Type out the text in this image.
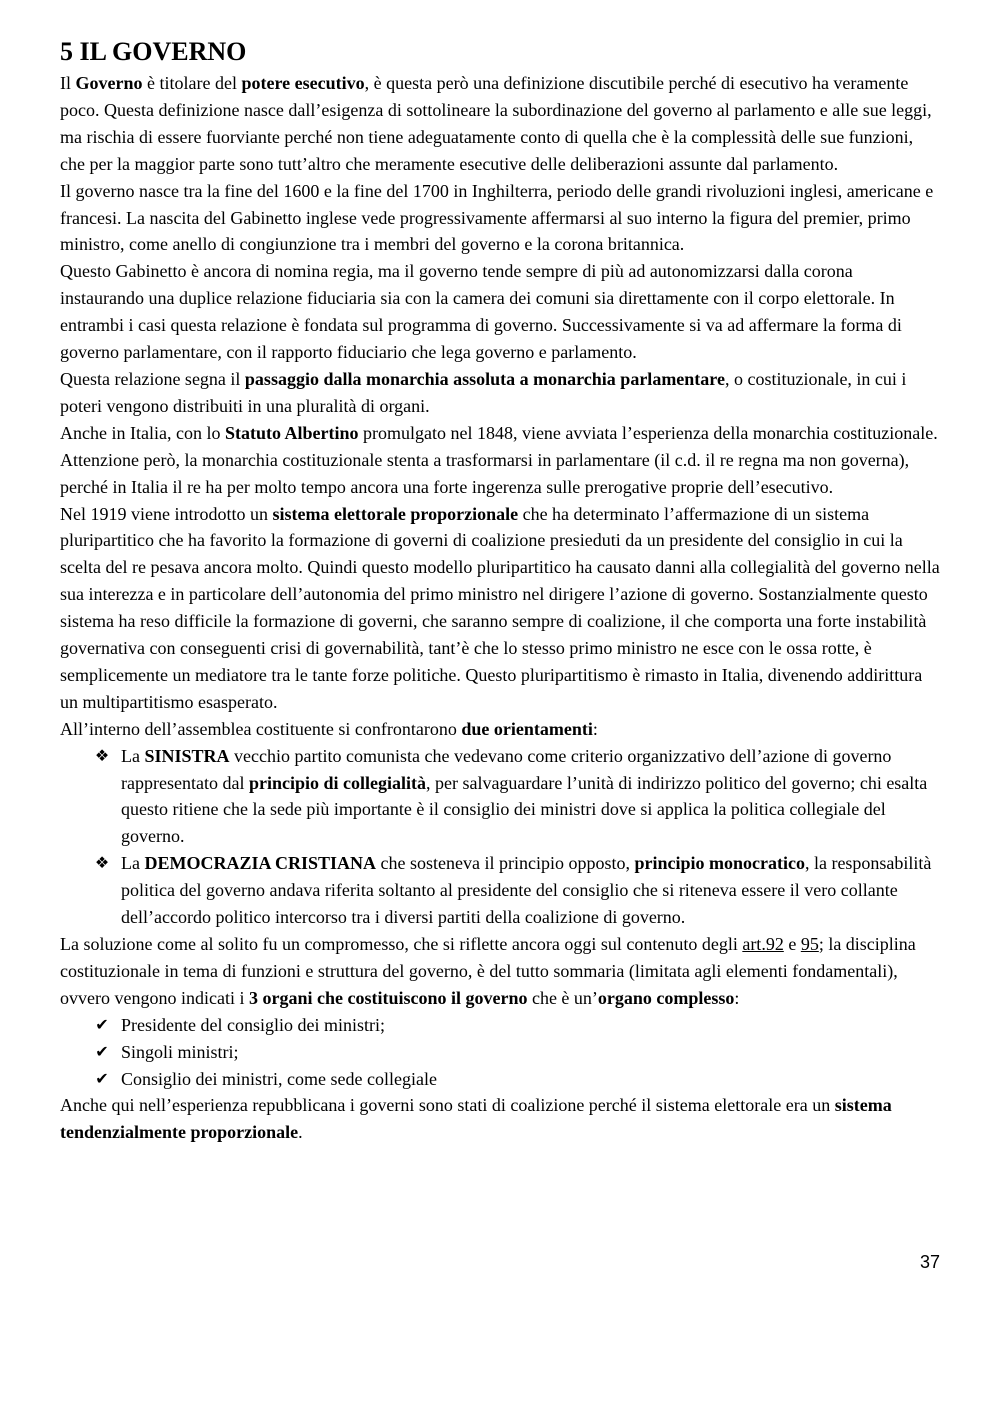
5 IL GOVERNO

Il Governo è titolare del potere esecutivo, è questa però una definizione discutibile perché di esecutivo ha veramente poco. Questa definizione nasce dall’esigenza di sottolineare la subordinazione del governo al parlamento e alle sue leggi, ma rischia di essere fuorviante perché non tiene adeguatamente conto di quella che è la complessità delle sue funzioni, che per la maggior parte sono tutt’altro che meramente esecutive delle deliberazioni assunte dal parlamento.

Il governo nasce tra la fine del 1600 e la fine del 1700 in Inghilterra, periodo delle grandi rivoluzioni inglesi, americane e francesi. La nascita del Gabinetto inglese vede progressivamente affermarsi al suo interno la figura del premier, primo ministro, come anello di congiunzione tra i membri del governo e la corona britannica.

Questo Gabinetto è ancora di nomina regia, ma il governo tende sempre di più ad autonomizzarsi dalla corona instaurando una duplice relazione fiduciaria sia con la camera dei comuni sia direttamente con il corpo elettorale. In entrambi i casi questa relazione è fondata sul programma di governo. Successivamente si va ad affermare la forma di governo parlamentare, con il rapporto fiduciario che lega governo e parlamento.

Questa relazione segna il passaggio dalla monarchia assoluta a monarchia parlamentare, o costituzionale, in cui i poteri vengono distribuiti in una pluralità di organi.

Anche in Italia, con lo Statuto Albertino promulgato nel 1848, viene avviata l’esperienza della monarchia costituzionale. Attenzione però, la monarchia costituzionale stenta a trasformarsi in parlamentare (il c.d. il re regna ma non governa), perché in Italia il re ha per molto tempo ancora una forte ingerenza sulle prerogative proprie dell’esecutivo.

Nel 1919 viene introdotto un sistema elettorale proporzionale che ha determinato l’affermazione di un sistema pluripartitico che ha favorito la formazione di governi di coalizione presieduti da un presidente del consiglio in cui la scelta del re pesava ancora molto. Quindi questo modello pluripartitico ha causato danni alla collegialità del governo nella sua interezza e in particolare dell’autonomia del primo ministro nel dirigere l’azione di governo. Sostanzialmente questo sistema ha reso difficile la formazione di governi, che saranno sempre di coalizione, il che comporta una forte instabilità governativa con conseguenti crisi di governabilità, tant’è che lo stesso primo ministro ne esce con le ossa rotte, è semplicemente un mediatore tra le tante forze politiche. Questo pluripartitismo è rimasto in Italia, divenendo addirittura un multipartitismo esasperato.

All’interno dell’assemblea costituente si confrontarono due orientamenti:

❖ La SINISTRA vecchio partito comunista che vedevano come criterio organizzativo dell’azione di governo rappresentato dal principio di collegialità, per salvaguardare l’unità di indirizzo politico del governo; chi esalta questo ritiene che la sede più importante è il consiglio dei ministri dove si applica la politica collegiale del governo.
❖ La DEMOCRAZIA CRISTIANA che sosteneva il principio opposto, principio monocratico, la responsabilità politica del governo andava riferita soltanto al presidente del consiglio che si riteneva essere il vero collante dell’accordo politico intercorso tra i diversi partiti della coalizione di governo.

La soluzione come al solito fu un compromesso, che si riflette ancora oggi sul contenuto degli art.92 e 95; la disciplina costituzionale in tema di funzioni e struttura del governo, è del tutto sommaria (limitata agli elementi fondamentali), ovvero vengono indicati i 3 organi che costituiscono il governo che è un’organo complesso:

✔ Presidente del consiglio dei ministri;
✔ Singoli ministri;
✔ Consiglio dei ministri, come sede collegiale

Anche qui nell’esperienza repubblicana i governi sono stati di coalizione perché il sistema elettorale era un sistema tendenzialmente proporzionale.

37
